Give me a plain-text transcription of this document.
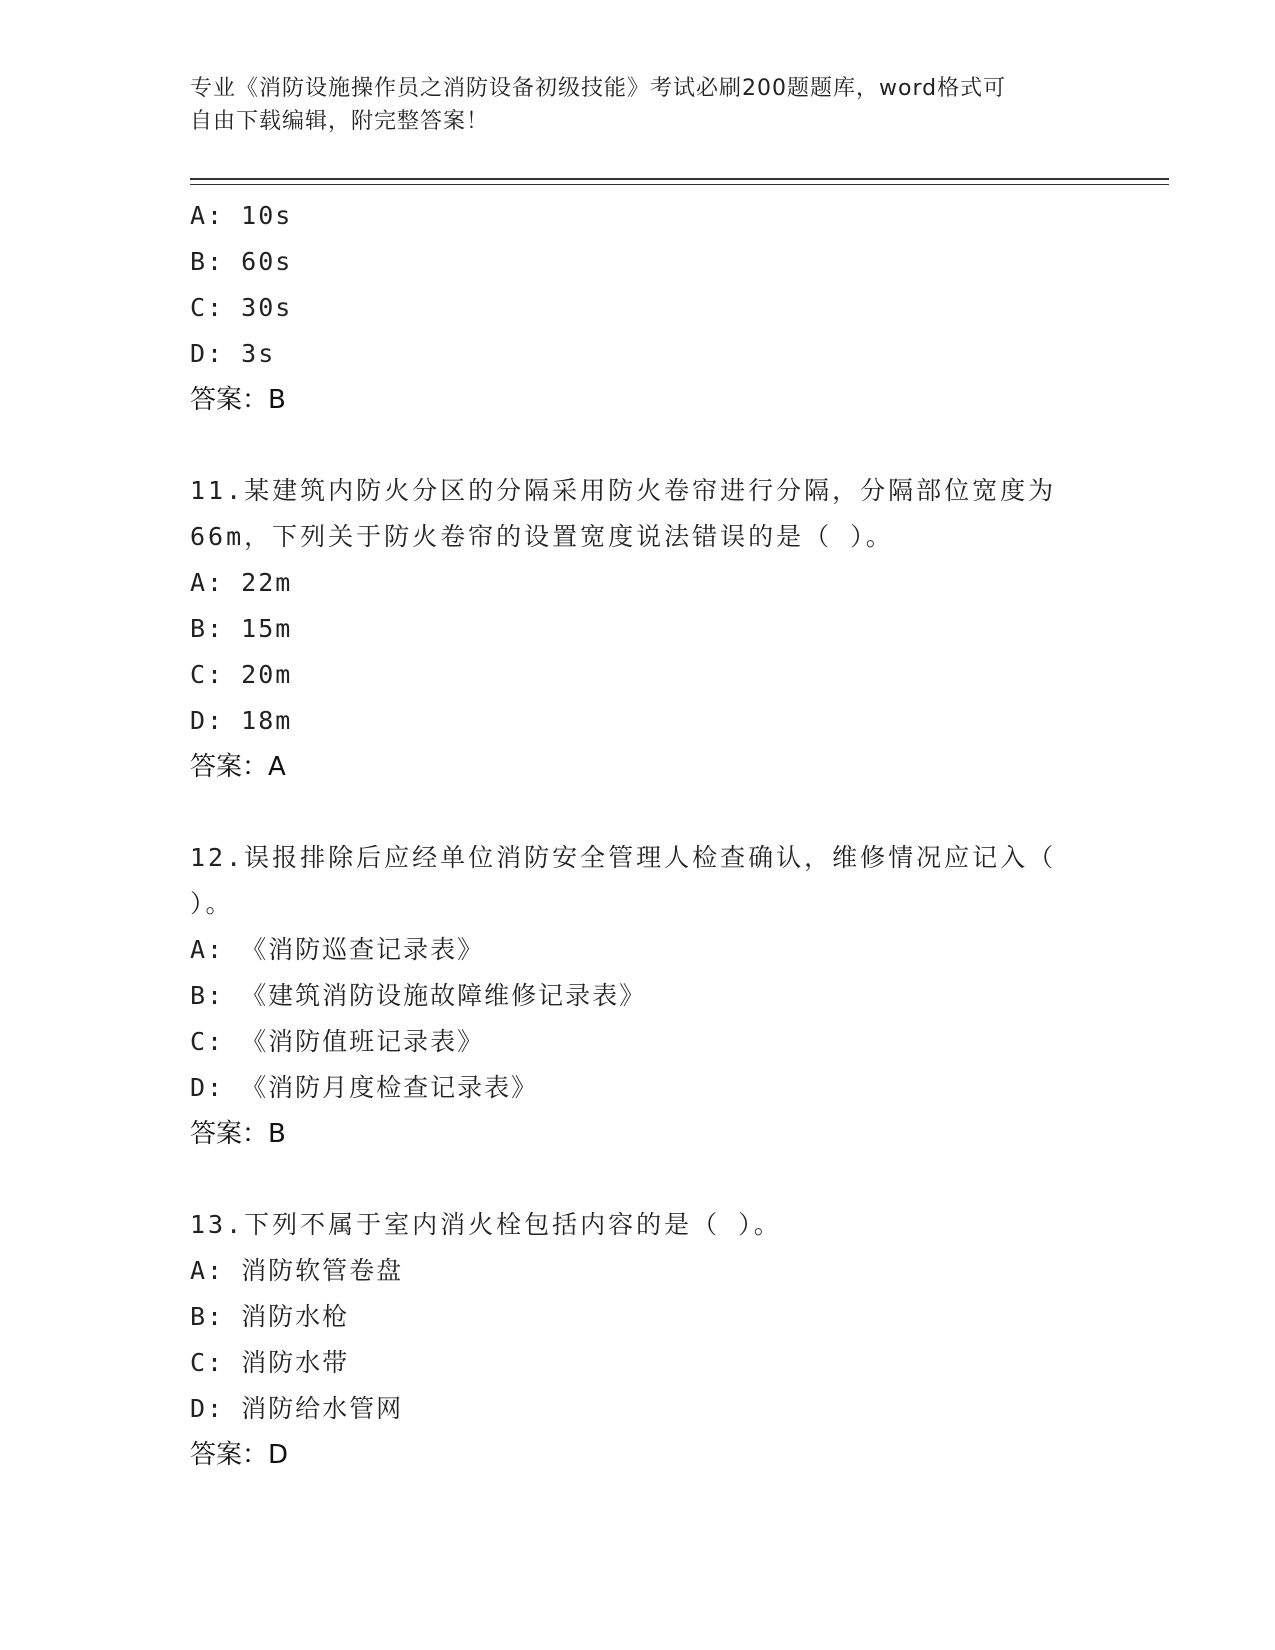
专业《消防设施操作员之消防设备初级技能》考试必刷200题题库，word格式可
自由下载编辑，附完整答案！
A: 10s
B: 60s
C: 30s
D: 3s
答案：B
11.某建筑内防火分区的分隔采用防火卷帘进行分隔，分隔部位宽度为
66m，下列关于防火卷帘的设置宽度说法错误的是（ ）。
A: 22m
B: 15m
C: 20m
D: 18m
答案：A
12.误报排除后应经单位消防安全管理人检查确认，维修情况应记入（
）。
A: 《消防巡查记录表》
B: 《建筑消防设施故障维修记录表》
C: 《消防值班记录表》
D: 《消防月度检查记录表》
答案：B
13.下列不属于室内消火栓包括内容的是（ ）。
A: 消防软管卷盘
B: 消防水枪
C: 消防水带
D: 消防给水管网
答案：D
